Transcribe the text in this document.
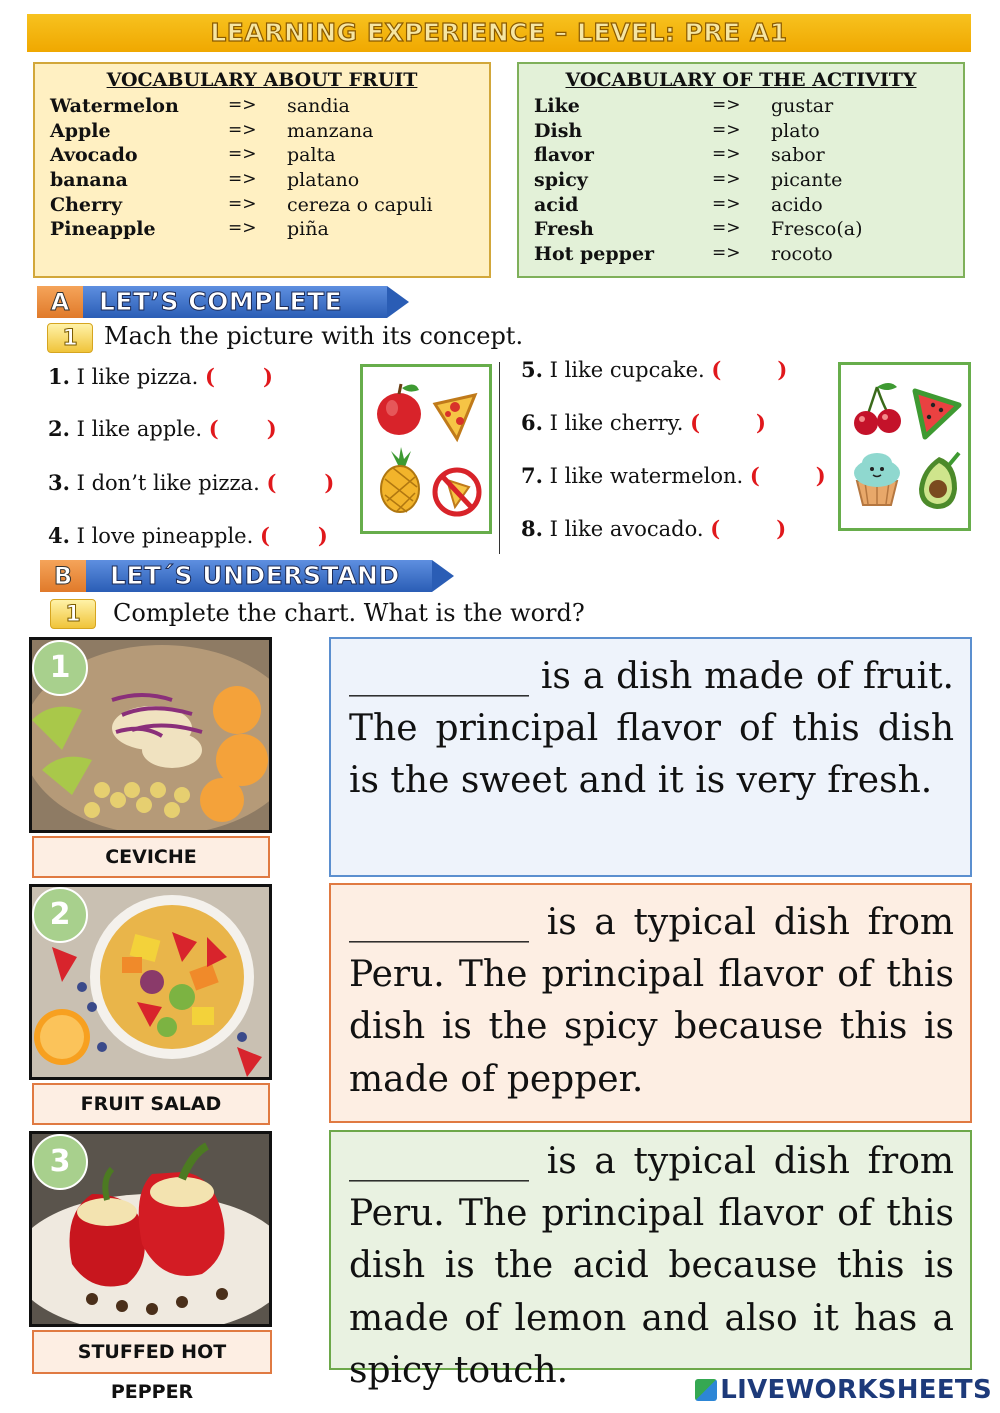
LEARNING EXPERIENCE – LEVEL: PRE A1
VOCABULARY ABOUT FRUIT
Watermelon	=> sandia
Apple	=> manzana
Avocado	=> palta
banana	=> platano
Cherry	=> cereza o capuli
Pineapple	=> piña
VOCABULARY OF THE ACTIVITY
Like	=> gustar
Dish	=> plato
flavor	=> sabor
spicy	=> picante
acid	=> acido
Fresh	=> Fresco(a)
Hot pepper	=> rocoto
A	LET’S COMPLETE
1	Mach the picture with its concept.
1. I like pizza. ( )
2. I like apple. ( )
3. I don’t like pizza. ( )
4. I love pineapple. ( )
5. I like cupcake. (	)
6. I like cherry. (	)
7. I like watermelon. (	)
8. I like avocado. (	)
B	LET´S UNDERSTAND
1	Complete the chart. What is the word?
1
CEVICHE
__________ is a dish made of fruit. The principal flavor of this dish is the sweet and it is very fresh.
2
FRUIT SALAD
__________ is a typical dish from Peru. The principal flavor of this dish is the spicy because this is made of pepper.
3
STUFFED HOT PEPPER
__________ is a typical dish from Peru. The principal flavor of this dish is the acid because this is made of lemon and also it has a spicy touch.	LIVEWORKSHEETS
